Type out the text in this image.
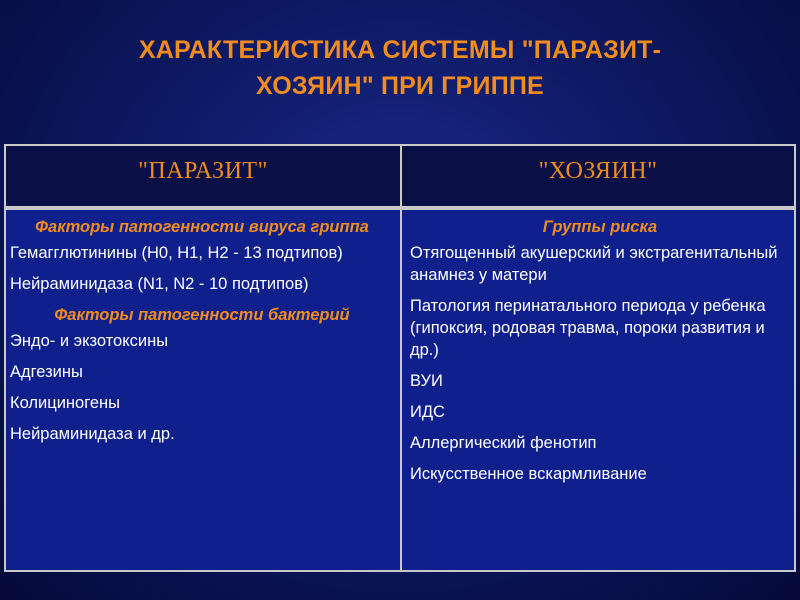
ХАРАКТЕРИСТИКА СИСТЕМЫ "ПАРАЗИТ-
ХОЗЯИН" ПРИ ГРИППЕ
"ПАРАЗИТ"	"ХОЗЯИН"
Факторы патогенности вируса гриппа
Гемагглютинины (H0, H1, H2 - 13 подтипов)
Нейраминидаза (N1, N2 - 10 подтипов)
Факторы патогенности бактерий
Эндо- и экзотоксины
Адгезины
Колициногены
Нейраминидаза и др.
Группы риска
Отягощенный акушерский и экстрагенитальный анамнез у матери
Патология перинатального периода у ребенка (гипоксия, родовая травма, пороки развития и др.)
ВУИ
ИДС
Аллергический фенотип
Искусственное вскармливание
